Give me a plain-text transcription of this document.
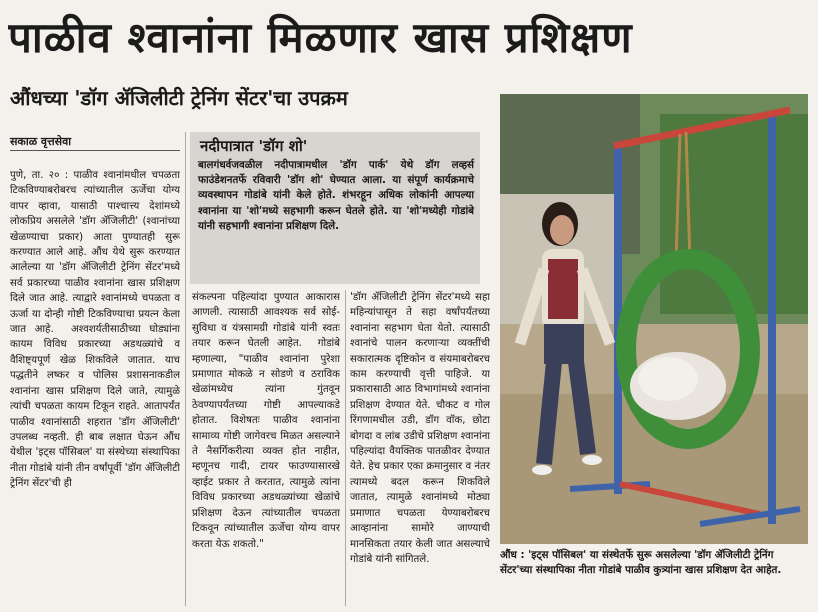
पाळीव श्वानांना मिळणार खास प्रशिक्षण
औंधच्या 'डॉग ॲजिलीटी ट्रेनिंग सेंटर'चा उपक्रम
सकाळ वृत्तसेवा
पुणे, ता. २० : पाळीव श्वानांमधील चपळता टिकविण्याबरोबरच त्यांच्यातील ऊर्जेचा योग्य वापर व्हावा, यासाठी पाश्चात्त्य देशांमध्ये लोकप्रिय असलेले 'डॉग ॲजिलीटी' (श्वानांच्या खेळण्याचा प्रकार) आता पुण्यातही सुरू करण्यात आले आहे. औंध येथे सुरू करण्यात आलेल्या या 'डॉग ॲजिलीटी ट्रेनिंग सेंटर'मध्ये सर्व प्रकारच्या पाळीव श्वानांना खास प्रशिक्षण दिले जात आहे. त्याद्वारे श्वानांमध्ये चपळता व ऊर्जा या दोन्ही गोष्टी टिकविण्याचा प्रयत्न केला जात आहे.  अश्वशर्यतीसाठीच्या घोड्यांना कायम विविध प्रकारच्या अडथळ्यांचे व वैशिष्ट्यपूर्ण खेळ शिकविले जातात. याच पद्धतीने लष्कर व पोलिस प्रशासनाकडील श्वानांना खास प्रशिक्षण दिले जाते, त्यामुळे त्यांची चपळता कायम टिकून राहते. आतापर्यंत पाळीव श्वानांसाठी शहरात 'डॉग ॲजिलीटी' उपलब्ध नव्हती. ही बाब लक्षात घेऊन औंध येथील 'इट्स पॉसिबल' या संस्थेच्या संस्थापिका नीता गोडांबे यांनी तीन वर्षांपूर्वी 'डॉग ॲजिलीटी ट्रेनिंग सेंटर'ची ही
नदीपात्रात 'डॉग शो'
बालगंधर्वजवळील नदीपात्रामधील 'डॉग पार्क' येथे डॉग लव्हर्स फाउंडेशनतर्फे रविवारी 'डॉग शो' घेण्यात आला. या संपूर्ण कार्यक्रमाचे व्यवस्थापन गोडांबे यांनी केले होते. शंभरहून अधिक लोकांनी आपल्या श्वानांना या 'शो'मध्ये सहभागी करून घेतले होते. या 'शो'मध्येही गोडांबे यांनी सहभागी श्वानांना प्रशिक्षण दिले.
संकल्पना पहिल्यांदा पुण्यात आकारास आणली. त्यासाठी आवश्यक सर्व सोई-सुविधा व यंत्रसामग्री गोडांबे यांनी स्वतः तयार करून घेतली आहेत.  गोडांबे म्हणाल्या, "पाळीव श्वानांना पुरेशा प्रमाणात मोकळे न सोडणे व ठराविक खेळांमध्येच त्यांना गुंतवून ठेवण्यापर्यंतच्या गोष्टी आपल्याकडे होतात. विशेषतः पाळीव श्वानांना सामाव्य गोष्टी जागेवरच मिळत असल्याने ते नैसर्गिकरीत्या व्यक्त होत नाहीत, म्हणूनच गादी, टायर फाउण्यासारखे व्हाईट प्रकार ते करतात, त्यामुळे त्यांना विविध प्रकारच्या अडथळ्यांच्या खेळांचे प्रशिक्षण देऊन त्यांच्यातील चपळता टिकवून त्यांच्यातील ऊर्जेचा योग्य वापर करता येऊ शकतो."
'डॉग ॲजिलीटी ट्रेनिंग सेंटर'मध्ये सहा महिन्यांपासून ते सहा वर्षांपर्यंतच्या श्वानांना सहभाग घेता येतो. त्यासाठी श्वानांचे पालन करणाऱ्या व्यक्तींची सकारात्मक दृष्टिकोन व संयमाबरोबरच काम करण्याची वृत्ती पाहिजे. या प्रकारासाठी आठ विभागांमध्ये श्वानांना प्रशिक्षण देण्यात येते. चौकट व गोल रिंगणामधील उडी, डॉग वॉक, छोटा बोगदा व लांब उडीचे प्रशिक्षण श्वानांना पहिल्यांदा वैयक्तिक पातळीवर देण्यात येते. हेच प्रकार एका क्रमानुसार व नंतर त्यामध्ये बदल करून शिकविले जातात, त्यामुळे श्वानांमध्ये मोठ्या प्रमाणात चपळता येण्याबरोबरच आव्हानांना सामोरे जाण्याची मानसिकता तयार केली जात असल्याचे गोडांबे यांनी सांगितले.	औंध : 'इट्स पॉसिबल' या संस्थेतर्फे सुरू असलेल्या 'डॉग ॲजिलीटी ट्रेनिंग सेंटर'च्या संस्थापिका नीता गोडांबे पाळीव कुत्र्यांना खास प्रशिक्षण देत आहेत.
